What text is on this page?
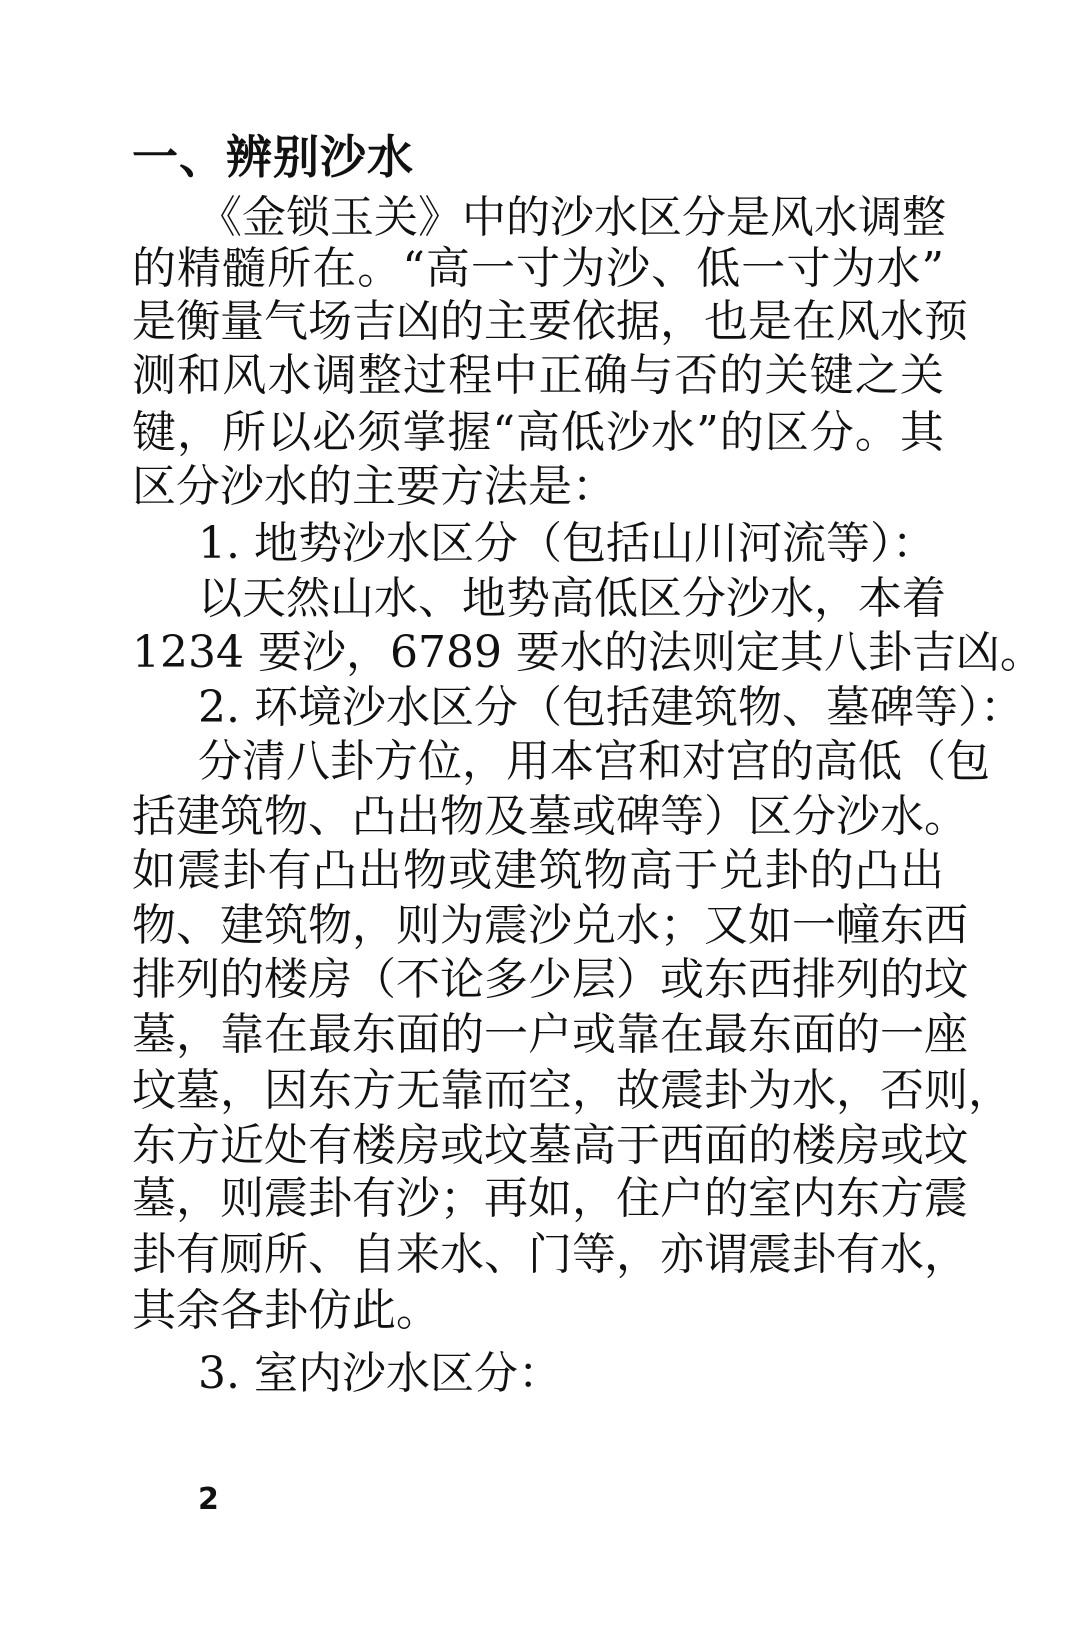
一、辨别沙水

《金锁玉关》中的沙水区分是风水调整

的精髓所在。“高一寸为沙、低一寸为水”

是衡量气场吉凶的主要依据，也是在风水预

测和风水调整过程中正确与否的关键之关

键，所以必须掌握“高低沙水”的区分。其

区分沙水的主要方法是：

1. 地势沙水区分（包括山川河流等）：

以天然山水、地势高低区分沙水，本着

1234 要沙，6789 要水的法则定其八卦吉凶。

2. 环境沙水区分（包括建筑物、墓碑等）：

分清八卦方位，用本宫和对宫的高低（包

括建筑物、凸出物及墓或碑等）区分沙水。

如震卦有凸出物或建筑物高于兑卦的凸出

物、建筑物，则为震沙兑水；又如一幢东西

排列的楼房（不论多少层）或东西排列的坟

墓，靠在最东面的一户或靠在最东面的一座

坟墓，因东方无靠而空，故震卦为水，否则，

东方近处有楼房或坟墓高于西面的楼房或坟

墓，则震卦有沙；再如，住户的室内东方震

卦有厕所、自来水、门等，亦谓震卦有水，

其余各卦仿此。

3. 室内沙水区分：

2
